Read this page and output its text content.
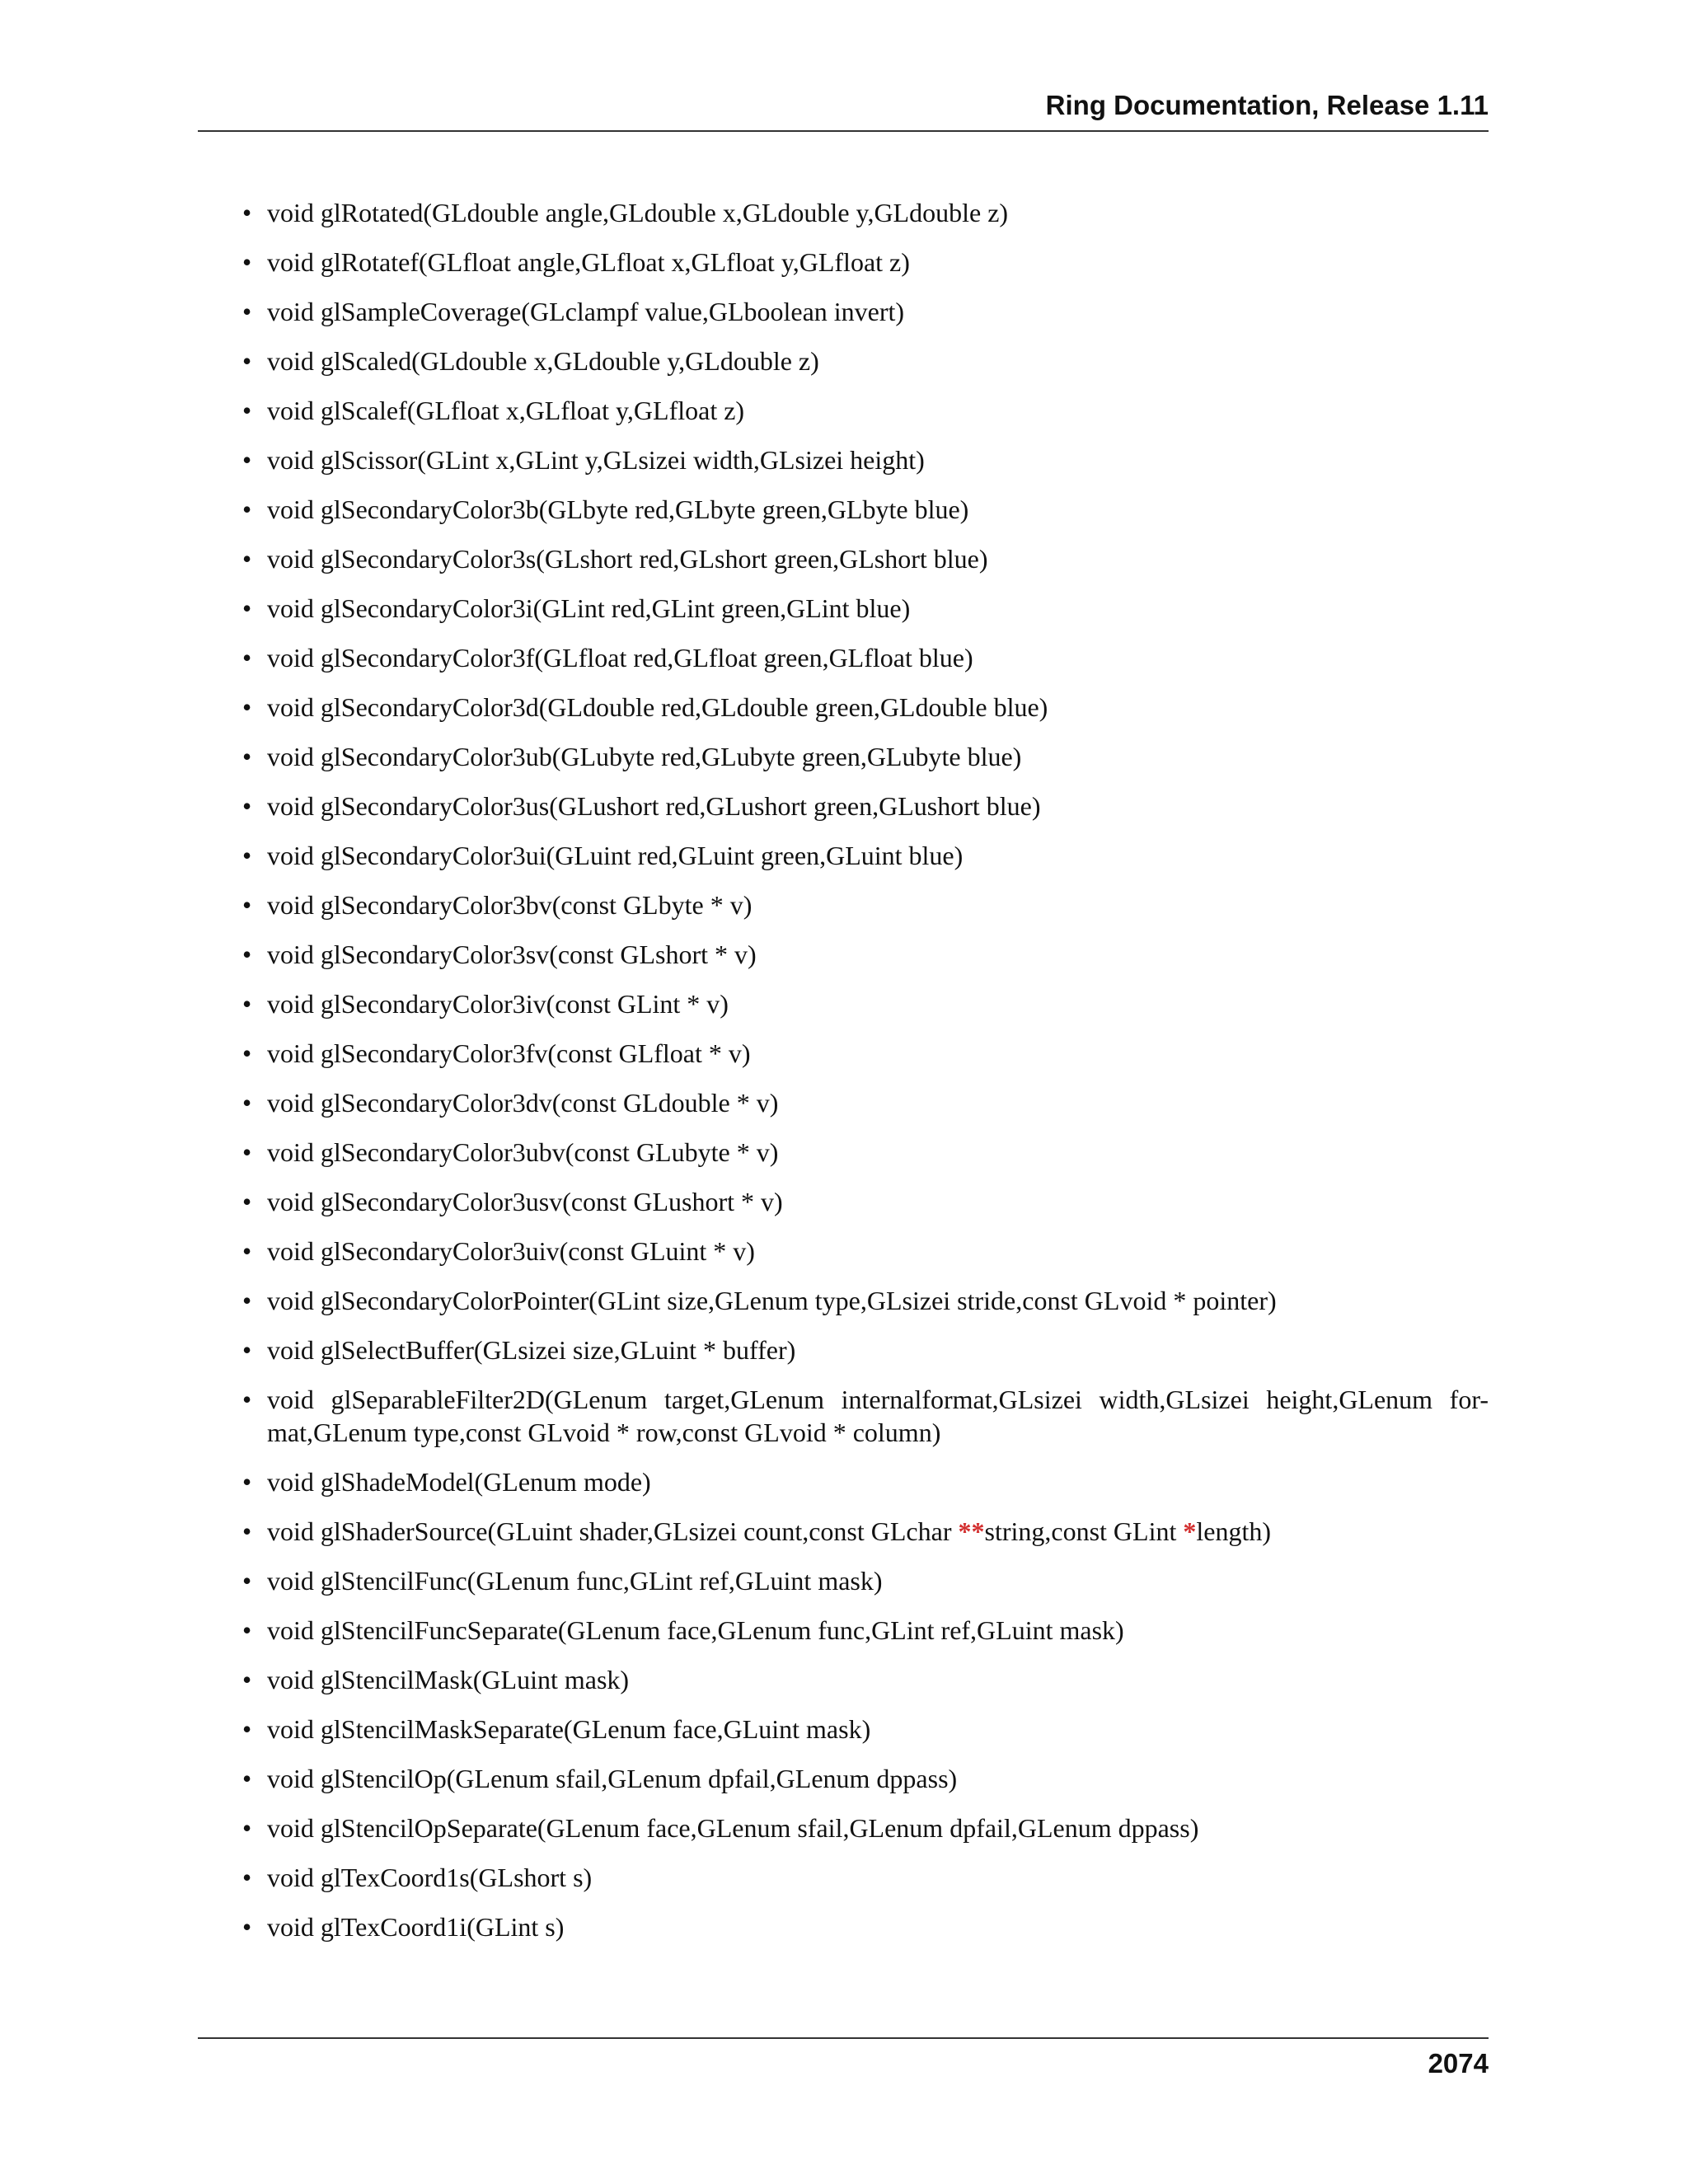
Ring Documentation, Release 1.11
• void glRotated(GLdouble angle,GLdouble x,GLdouble y,GLdouble z)
• void glRotatef(GLfloat angle,GLfloat x,GLfloat y,GLfloat z)
• void glSampleCoverage(GLclampf value,GLboolean invert)
• void glScaled(GLdouble x,GLdouble y,GLdouble z)
• void glScalef(GLfloat x,GLfloat y,GLfloat z)
• void glScissor(GLint x,GLint y,GLsizei width,GLsizei height)
• void glSecondaryColor3b(GLbyte red,GLbyte green,GLbyte blue)
• void glSecondaryColor3s(GLshort red,GLshort green,GLshort blue)
• void glSecondaryColor3i(GLint red,GLint green,GLint blue)
• void glSecondaryColor3f(GLfloat red,GLfloat green,GLfloat blue)
• void glSecondaryColor3d(GLdouble red,GLdouble green,GLdouble blue)
• void glSecondaryColor3ub(GLubyte red,GLubyte green,GLubyte blue)
• void glSecondaryColor3us(GLushort red,GLushort green,GLushort blue)
• void glSecondaryColor3ui(GLuint red,GLuint green,GLuint blue)
• void glSecondaryColor3bv(const GLbyte * v)
• void glSecondaryColor3sv(const GLshort * v)
• void glSecondaryColor3iv(const GLint * v)
• void glSecondaryColor3fv(const GLfloat * v)
• void glSecondaryColor3dv(const GLdouble * v)
• void glSecondaryColor3ubv(const GLubyte * v)
• void glSecondaryColor3usv(const GLushort * v)
• void glSecondaryColor3uiv(const GLuint * v)
• void glSecondaryColorPointer(GLint size,GLenum type,GLsizei stride,const GLvoid * pointer)
• void glSelectBuffer(GLsizei size,GLuint * buffer)
• void glSeparableFilter2D(GLenum target,GLenum internalformat,GLsizei width,GLsizei height,GLenum for- mat,GLenum type,const GLvoid * row,const GLvoid * column)
• void glShadeModel(GLenum mode)
• void glShaderSource(GLuint shader,GLsizei count,const GLchar **string,const GLint *length)
• void glStencilFunc(GLenum func,GLint ref,GLuint mask)
• void glStencilFuncSeparate(GLenum face,GLenum func,GLint ref,GLuint mask)
• void glStencilMask(GLuint mask)
• void glStencilMaskSeparate(GLenum face,GLuint mask)
• void glStencilOp(GLenum sfail,GLenum dpfail,GLenum dppass)
• void glStencilOpSeparate(GLenum face,GLenum sfail,GLenum dpfail,GLenum dppass)
• void glTexCoord1s(GLshort s)
• void glTexCoord1i(GLint s)
2074
